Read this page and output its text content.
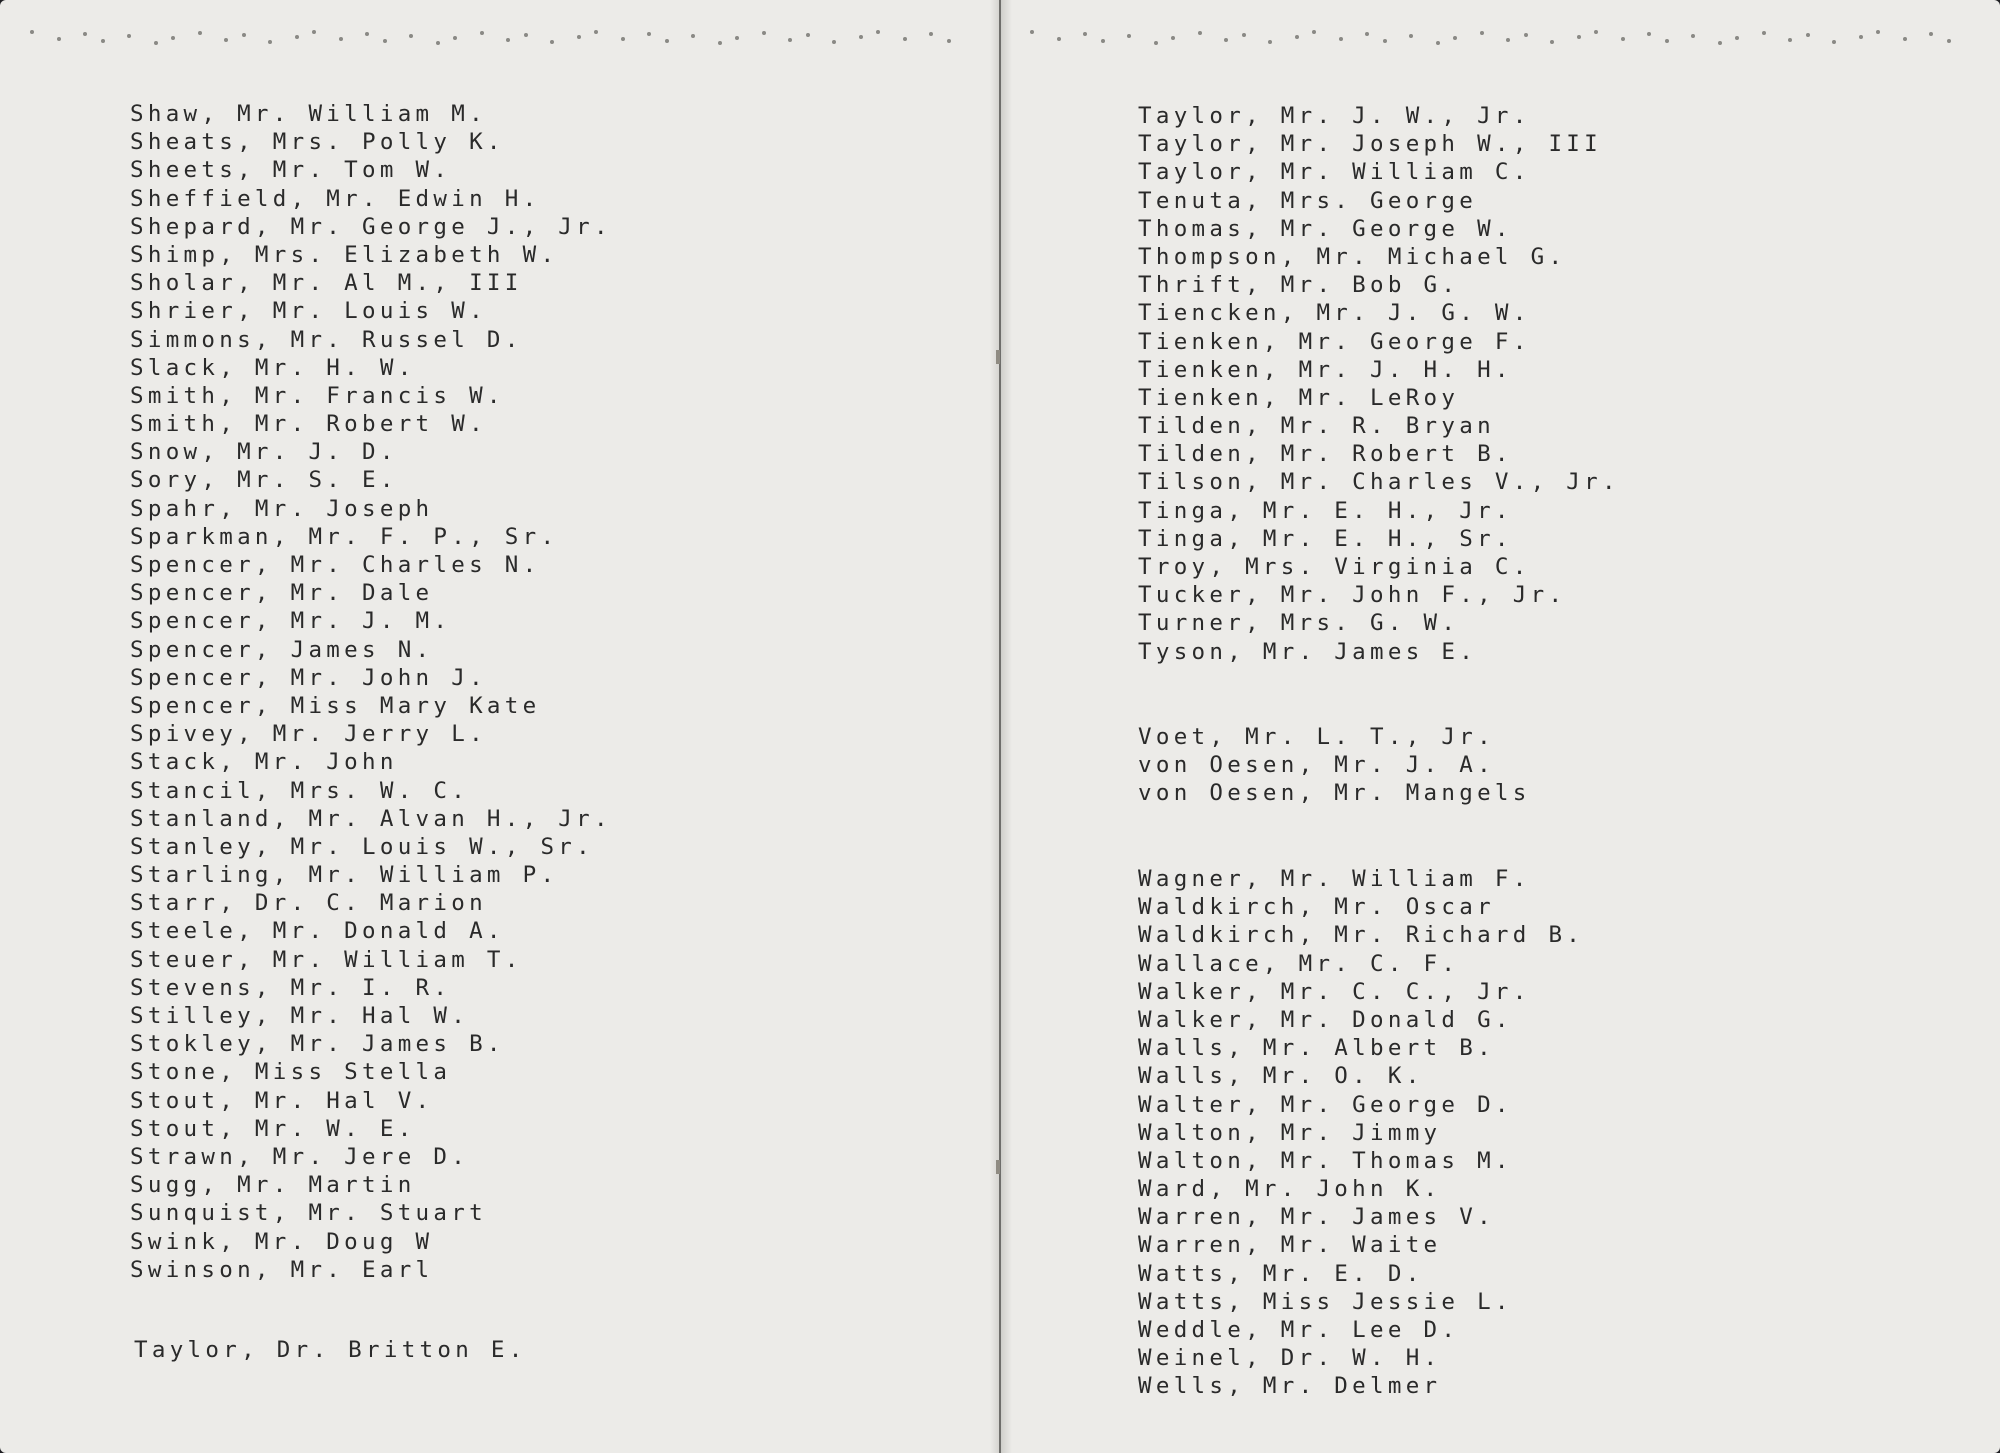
Shaw, Mr. William M.
Sheats, Mrs. Polly K.
Sheets, Mr. Tom W.
Sheffield, Mr. Edwin H.
Shepard, Mr. George J., Jr.
Shimp, Mrs. Elizabeth W.
Sholar, Mr. Al M., III
Shrier, Mr. Louis W.
Simmons, Mr. Russel D.
Slack, Mr. H. W.
Smith, Mr. Francis W.
Smith, Mr. Robert W.
Snow, Mr. J. D.
Sory, Mr. S. E.
Spahr, Mr. Joseph
Sparkman, Mr. F. P., Sr.
Spencer, Mr. Charles N.
Spencer, Mr. Dale
Spencer, Mr. J. M.
Spencer, James N.
Spencer, Mr. John J.
Spencer, Miss Mary Kate
Spivey, Mr. Jerry L.
Stack, Mr. John
Stancil, Mrs. W. C.
Stanland, Mr. Alvan H., Jr.
Stanley, Mr. Louis W., Sr.
Starling, Mr. William P.
Starr, Dr. C. Marion
Steele, Mr. Donald A.
Steuer, Mr. William T.
Stevens, Mr. I. R.
Stilley, Mr. Hal W.
Stokley, Mr. James B.
Stone, Miss Stella
Stout, Mr. Hal V.
Stout, Mr. W. E.
Strawn, Mr. Jere D.
Sugg, Mr. Martin
Sunquist, Mr. Stuart
Swink, Mr. Doug W
Swinson, Mr. Earl
Taylor, Dr. Britton E.
Taylor, Mr. J. W., Jr.
Taylor, Mr. Joseph W., III
Taylor, Mr. William C.
Tenuta, Mrs. George
Thomas, Mr. George W.
Thompson, Mr. Michael G.
Thrift, Mr. Bob G.
Tiencken, Mr. J. G. W.
Tienken, Mr. George F.
Tienken, Mr. J. H. H.
Tienken, Mr. LeRoy
Tilden, Mr. R. Bryan
Tilden, Mr. Robert B.
Tilson, Mr. Charles V., Jr.
Tinga, Mr. E. H., Jr.
Tinga, Mr. E. H., Sr.
Troy, Mrs. Virginia C.
Tucker, Mr. John F., Jr.
Turner, Mrs. G. W.
Tyson, Mr. James E.
Voet, Mr. L. T., Jr.
von Oesen, Mr. J. A.
von Oesen, Mr. Mangels
Wagner, Mr. William F.
Waldkirch, Mr. Oscar
Waldkirch, Mr. Richard B.
Wallace, Mr. C. F.
Walker, Mr. C. C., Jr.
Walker, Mr. Donald G.
Walls, Mr. Albert B.
Walls, Mr. O. K.
Walter, Mr. George D.
Walton, Mr. Jimmy
Walton, Mr. Thomas M.
Ward, Mr. John K.
Warren, Mr. James V.
Warren, Mr. Waite
Watts, Mr. E. D.
Watts, Miss Jessie L.
Weddle, Mr. Lee D.
Weinel, Dr. W. H.
Wells, Mr. Delmer
